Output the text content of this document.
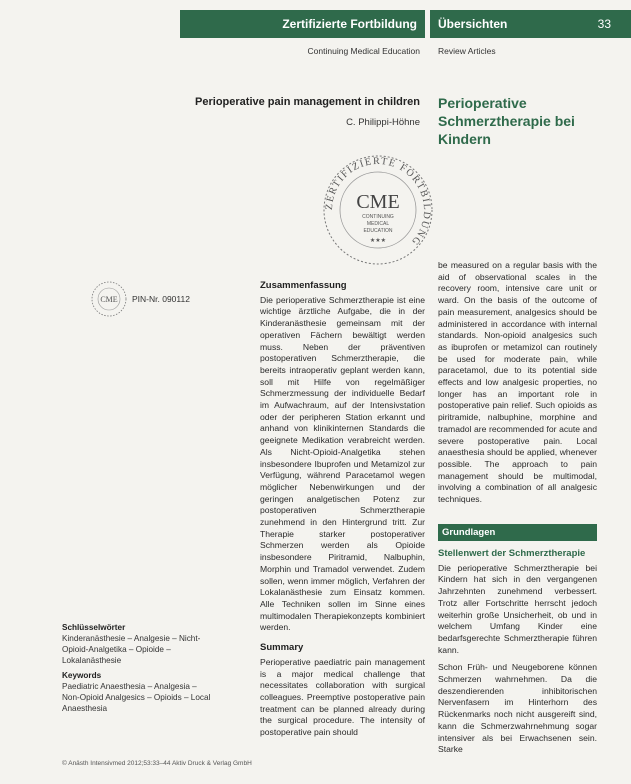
Zertifizierte Fortbildung Übersichten	33
Continuing Medical Education Review Articles
Perioperative pain management in children
C. Philippi-Höhne
Perioperative Schmerztherapie bei Kindern
ZERTIFIZIERTE FORTBILDUNG
CME
CONTINUING
MEDICAL
EDUCATION
★★★
CME PIN-Nr. 090112
Schlüsselwörter
Kinderanästhesie – Analgesie – Nicht-Opioid-Analgetika – Opioide – Lokalanästhesie
Keywords
Paediatric Anaesthesia – Analgesia – Non-Opioid Analgesics – Opioids – Local Anaesthesia
Zusammenfassung

Die perioperative Schmerztherapie ist eine wichtige ärztliche Aufgabe, die in der Kinderanästhesie gemeinsam mit der operativen Fächern bewältigt werden muss. Neben der präventiven postoperativen Schmerztherapie, die bereits intraoperativ geplant werden kann, soll mit Hilfe von regelmäßiger Schmerzmessung der individuelle Bedarf im Aufwachraum, auf der Intensivstation oder der peripheren Station erkannt und anhand von klinikinternen Standards die geeignete Medikation verabreicht werden. Als Nicht-Opioid-Analgetika stehen insbesondere Ibuprofen und Metamizol zur Verfügung, während Paracetamol wegen möglicher Nebenwirkungen und der geringen analgetischen Potenz zur postoperativen Schmerztherapie zunehmend in den Hintergrund tritt. Zur Therapie starker postoperativer Schmerzen werden als Opioide insbesondere Piritramid, Nalbuphin, Morphin und Tramadol verwendet. Zudem sollen, wenn immer möglich, Verfahren der Lokalanästhesie zum Einsatz kommen. Alle Techniken sollen im Sinne eines multimodalen Therapiekonzepts kombiniert werden.

Summary

Perioperative paediatric pain management is a major medical challenge that necessitates collaboration with surgical colleagues. Preemptive postoperative pain treatment can be planned already during the surgical procedure. The intensity of postoperative pain should

be measured on a regular basis with the aid of observational scales in the recovery room, intensive care unit or ward. On the basis of the outcome of pain measurement, analgesics should be administered in accordance with internal standards. Non-opioid analgesics such as ibuprofen or metamizol can routinely be used for moderate pain, while paracetamol, due to its potential side effects and low analgesic properties, no longer has an important role in postoperative pain relief. Such opioids as piritramide, nalbuphine, morphine and tramadol are recommended for acute and severe postoperative pain. Local anaesthesia should be applied, whenever possible. The approach to pain management should be multimodal, involving a combination of all analgesic techniques.

Grundlagen
Stellenwert der Schmerztherapie

Die perioperative Schmerztherapie bei Kindern hat sich in den vergangenen Jahrzehnten zunehmend verbessert. Trotz aller Fortschritte herrscht jedoch weiterhin große Unsicherheit, ob und in welchem Umfang Kinder eine bedarfsgerechte Schmerztherapie führen kann.

Schon Früh- und Neugeborene können Schmerzen wahrnehmen. Da die deszendierenden inhibitorischen Nervenfasern im Hinterhorn des Rückenmarks noch nicht ausgereift sind, kann die Schmerzwahrnehmung sogar intensiver als bei Erwachsenen sein. Starke

© Anästh Intensivmed 2012;53:33–44 Aktiv Druck & Verlag GmbH
